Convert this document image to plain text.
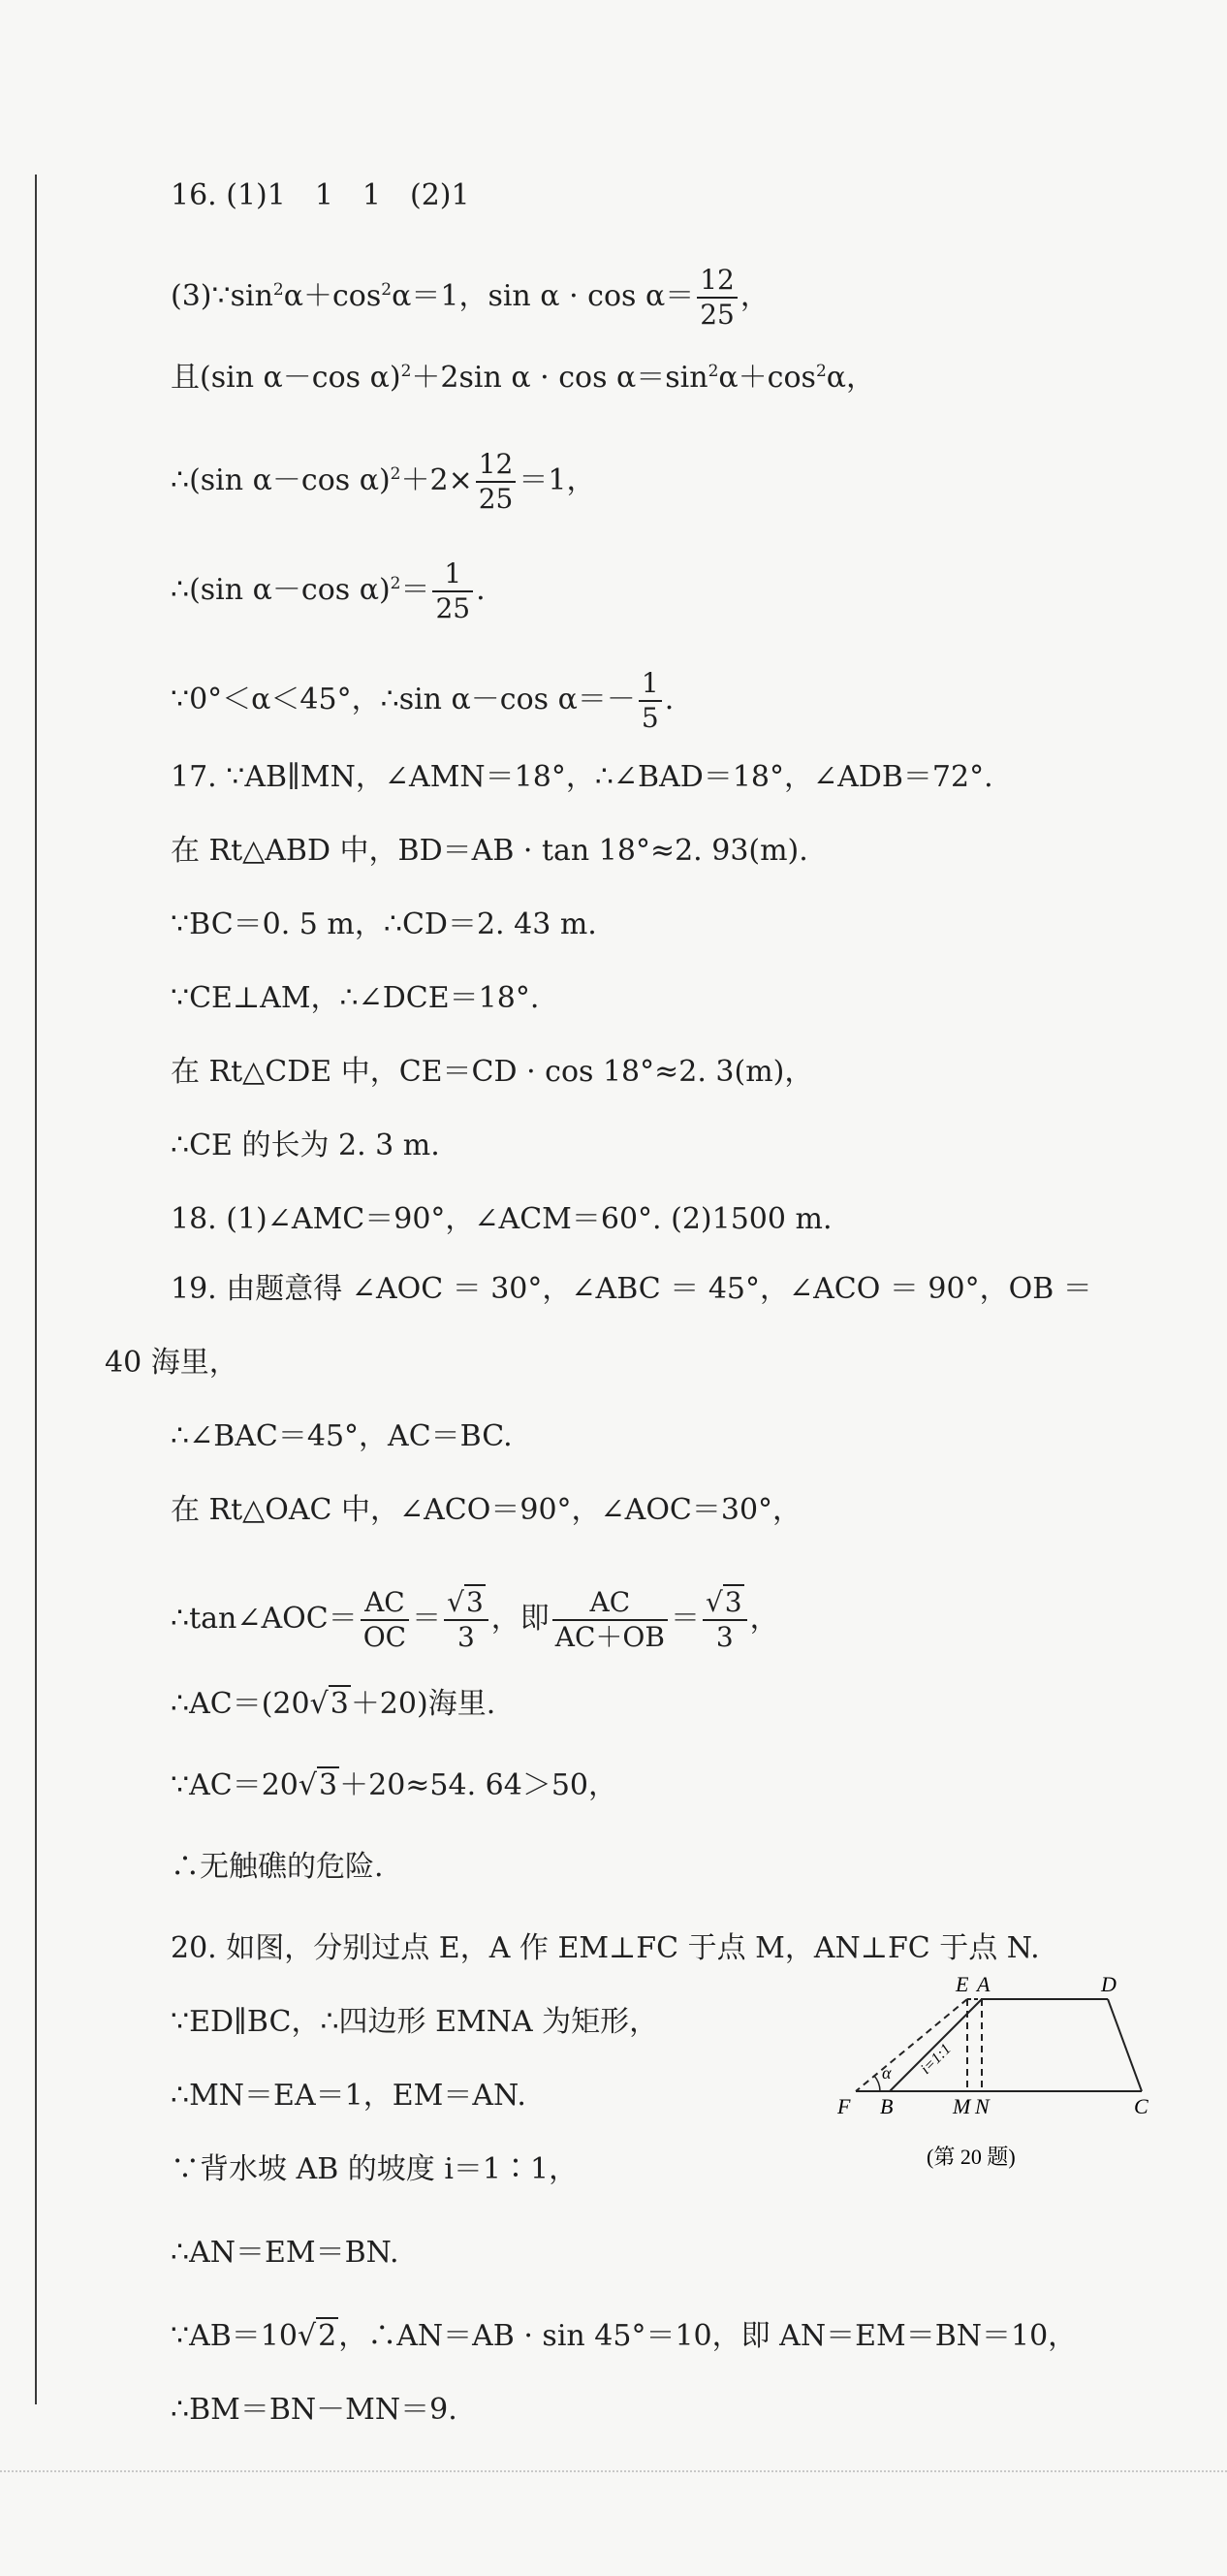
16. (1)1　1　1　(2)1
$(3)\because\sin^2\alpha+\cos^2\alpha=1$，$\sin \alpha \cdot \cos \alpha= \frac{12}{25}$ ，
且(sin α－cos α)$^2$＋2sin $\alpha \cdot \cos \alpha=\sin^2\alpha+\cos^2\alpha$，
∴(sin α－cos $\alpha)^2+2\times \frac{12}{25} =1$，
∴(sin α－cos $\alpha)^2= \frac{1}{25}$ .
∵0°＜α＜45°，∴sin α－cos $\alpha=- \frac{1}{5}$ .
17. ∵AB∥MN，∠AMN＝18°，∴∠BAD＝18°，∠ADB＝72°.
在 Rt△ABD 中，BD＝AB · tan 18°≈2. 93(m).
∵BC＝0. 5 m，∴CD＝2. 43 m.
∵CE⊥AM，∴∠DCE＝18°.
在 Rt△CDE 中，CE＝CD · cos 18°≈2. 3(m)，
∴CE 的长为 2. 3 m.
18. (1)∠AMC＝90°，∠ACM＝60°. (2)1500 m.
19. 由题意得 ∠AOC ＝ 30°，∠ABC ＝ 45°，∠ACO ＝ 90°，OB ＝
40 海里，
∴∠BAC＝45°，AC＝BC.
在 Rt△OAC 中，∠ACO＝90°，∠AOC＝30°，
∴tan∠AOC＝ $\frac{AC}{OC} = \frac{√3}{3}$ ，即 $\frac{AC}{AC+OB} = \frac{√3}{3}$ ，
∴AC＝(20√3＋20)海里.
∵AC＝20√3＋20≈54. 64＞50，
∴无触礁的危险.
20. 如图，分别过点 E，A 作 EM⊥FC 于点 M，AN⊥FC 于点 N.
∵ED∥BC，∴四边形 EMNA 为矩形，
∴MN＝EA＝1，EM＝AN.
∵背水坡 AB 的坡度 i＝1∶1，
∴AN＝EM＝BN.
∵AB＝10√2，∴AN＝AB · sin 45°＝10，即 AN＝EM＝BN＝10，
∴BM＝BN－MN＝9.
E A	D
F B	M N	C
α i=1:1
(第 20 题)
